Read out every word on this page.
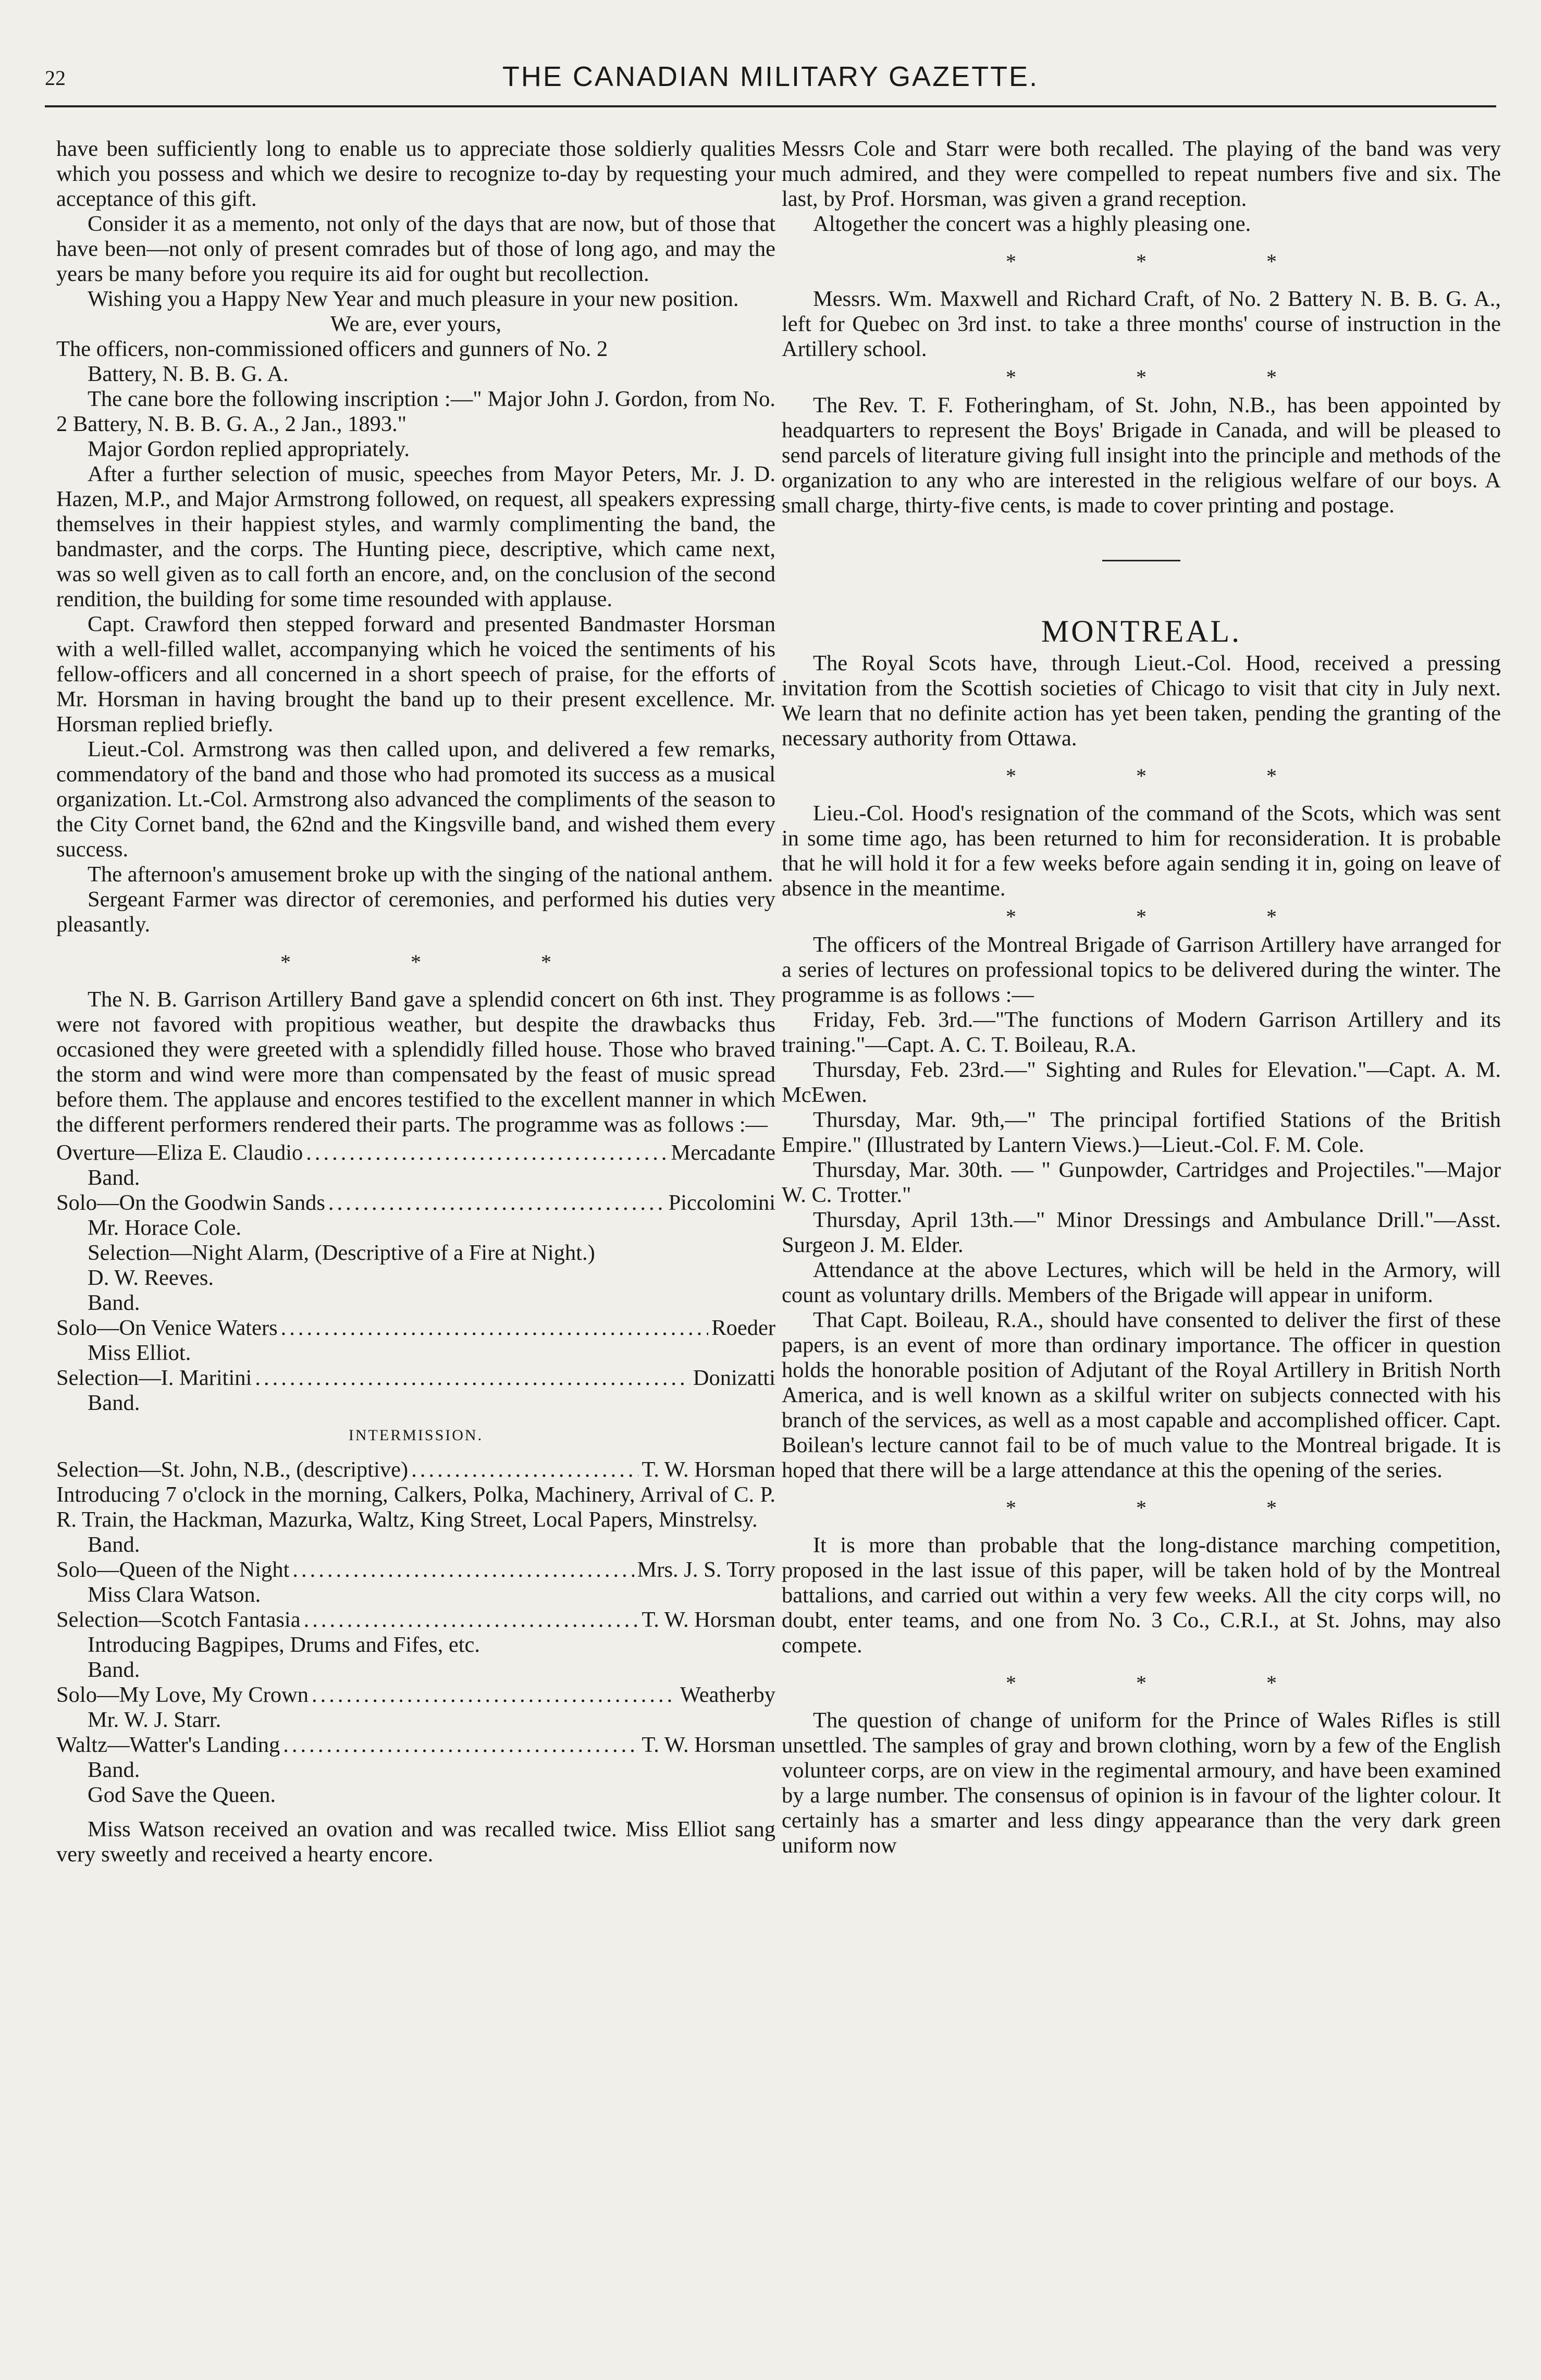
22	THE CANADIAN MILITARY GAZETTE.

have been sufficiently long to enable us to appreciate those soldierly qualities which you possess and which we desire to recognize to-day by requesting your acceptance of this gift.

Consider it as a memento, not only of the days that are now, but of those that have been—not only of present comrades but of those of long ago, and may the years be many before you require its aid for ought but recollection.

Wishing you a Happy New Year and much pleasure in your new position.

We are, ever yours,

The officers, non-commissioned officers and gunners of No. 2

Battery, N. B. B. G. A.

The cane bore the following inscription :—" Major John J. Gordon, from No. 2 Battery, N. B. B. G. A., 2 Jan., 1893."

Major Gordon replied appropriately.

After a further selection of music, speeches from Mayor Peters, Mr. J. D. Hazen, M.P., and Major Armstrong followed, on request, all speakers expressing themselves in their happiest styles, and warmly complimenting the band, the bandmaster, and the corps. The Hunting piece, descriptive, which came next, was so well given as to call forth an encore, and, on the conclusion of the second rendition, the building for some time resounded with applause.

Capt. Crawford then stepped forward and presented Bandmaster Horsman with a well-filled wallet, accompanying which he voiced the sentiments of his fellow-officers and all concerned in a short speech of praise, for the efforts of Mr. Horsman in having brought the band up to their present excellence. Mr. Horsman replied briefly.

Lieut.-Col. Armstrong was then called upon, and delivered a few remarks, commendatory of the band and those who had promoted its success as a musical organization. Lt.-Col. Armstrong also advanced the compliments of the season to the City Cornet band, the 62nd and the Kingsville band, and wished them every success.

The afternoon's amusement broke up with the singing of the national anthem.

Sergeant Farmer was director of ceremonies, and performed his duties very pleasantly.

* * *

The N. B. Garrison Artillery Band gave a splendid concert on 6th inst. They were not favored with propitious weather, but despite the drawbacks thus occasioned they were greeted with a splendidly filled house. Those who braved the storm and wind were more than compensated by the feast of music spread before them. The applause and encores testified to the excellent manner in which the different performers rendered their parts. The programme was as follows :—

Overture—Eliza E. Claudio .....	Mercadante

Band.

Solo—On the Goodwin Sands .....	Piccolomini

Mr. Horace Cole.

Selection—Night Alarm, (Descriptive of a Fire at Night.)

D. W. Reeves.

Band.

Solo—On Venice Waters .....	Roeder

Miss Elliot.

Selection—I. Maritini .....	Donizatti

Band.

INTERMISSION.
Selection—St. John, N.B., (descriptive) .....	T. W. Horsman

Introducing 7 o'clock in the morning, Calkers, Polka, Machinery, Arrival of C. P. R. Train, the Hackman, Mazurka, Waltz, King Street, Local Papers, Minstrelsy.

Band.

Solo—Queen of the Night .....	Mrs. J. S. Torry

Miss Clara Watson.

Selection—Scotch Fantasia .....	T. W. Horsman

Introducing Bagpipes, Drums and Fifes, etc.

Band.

Solo—My Love, My Crown .....	Weatherby

Mr. W. J. Starr.

Waltz—Watter's Landing .....	T. W. Horsman

Band.

God Save the Queen.

Miss Watson received an ovation and was recalled twice. Miss Elliot sang very sweetly and received a hearty encore.

Messrs Cole and Starr were both recalled. The playing of the band was very much admired, and they were compelled to repeat numbers five and six. The last, by Prof. Horsman, was given a grand reception.

Altogether the concert was a highly pleasing one.

* * *

Messrs. Wm. Maxwell and Richard Craft, of No. 2 Battery N. B. B. G. A., left for Quebec on 3rd inst. to take a three months' course of instruction in the Artillery school.

* * *

The Rev. T. F. Fotheringham, of St. John, N.B., has been appointed by headquarters to represent the Boys' Brigade in Canada, and will be pleased to send parcels of literature giving full insight into the principle and methods of the organization to any who are interested in the religious welfare of our boys. A small charge, thirty-five cents, is made to cover printing and postage.

MONTREAL.

The Royal Scots have, through Lieut.-Col. Hood, received a pressing invitation from the Scottish societies of Chicago to visit that city in July next. We learn that no definite action has yet been taken, pending the granting of the necessary authority from Ottawa.

* * *

Lieu.-Col. Hood's resignation of the command of the Scots, which was sent in some time ago, has been returned to him for reconsideration. It is probable that he will hold it for a few weeks before again sending it in, going on leave of absence in the meantime.

* * *

The officers of the Montreal Brigade of Garrison Artillery have arranged for a series of lectures on professional topics to be delivered during the winter. The programme is as follows :—

Friday, Feb. 3rd.—"The functions of Modern Garrison Artillery and its training."—Capt. A. C. T. Boileau, R.A.

Thursday, Feb. 23rd.—" Sighting and Rules for Elevation."—Capt. A. M. McEwen.

Thursday, Mar. 9th,—" The principal fortified Stations of the British Empire." (Illustrated by Lantern Views.)—Lieut.-Col. F. M. Cole.

Thursday, Mar. 30th. — " Gunpowder, Cartridges and Projectiles."—Major W. C. Trotter."

Thursday, April 13th.—" Minor Dressings and Ambulance Drill."—Asst. Surgeon J. M. Elder.

Attendance at the above Lectures, which will be held in the Armory, will count as voluntary drills. Members of the Brigade will appear in uniform.

That Capt. Boileau, R.A., should have consented to deliver the first of these papers, is an event of more than ordinary importance. The officer in question holds the honorable position of Adjutant of the Royal Artillery in British North America, and is well known as a skilful writer on subjects connected with his branch of the services, as well as a most capable and accomplished officer. Capt. Boilean's lecture cannot fail to be of much value to the Montreal brigade. It is hoped that there will be a large attendance at this the opening of the series.

* * *

It is more than probable that the long-distance marching competition, proposed in the last issue of this paper, will be taken hold of by the Montreal battalions, and carried out within a very few weeks. All the city corps will, no doubt, enter teams, and one from No. 3 Co., C.R.I., at St. Johns, may also compete.

* * *

The question of change of uniform for the Prince of Wales Rifles is still unsettled. The samples of gray and brown clothing, worn by a few of the English volunteer corps, are on view in the regimental armoury, and have been examined by a large number. The consensus of opinion is in favour of the lighter colour. It certainly has a smarter and less dingy appearance than the very dark green uniform now
